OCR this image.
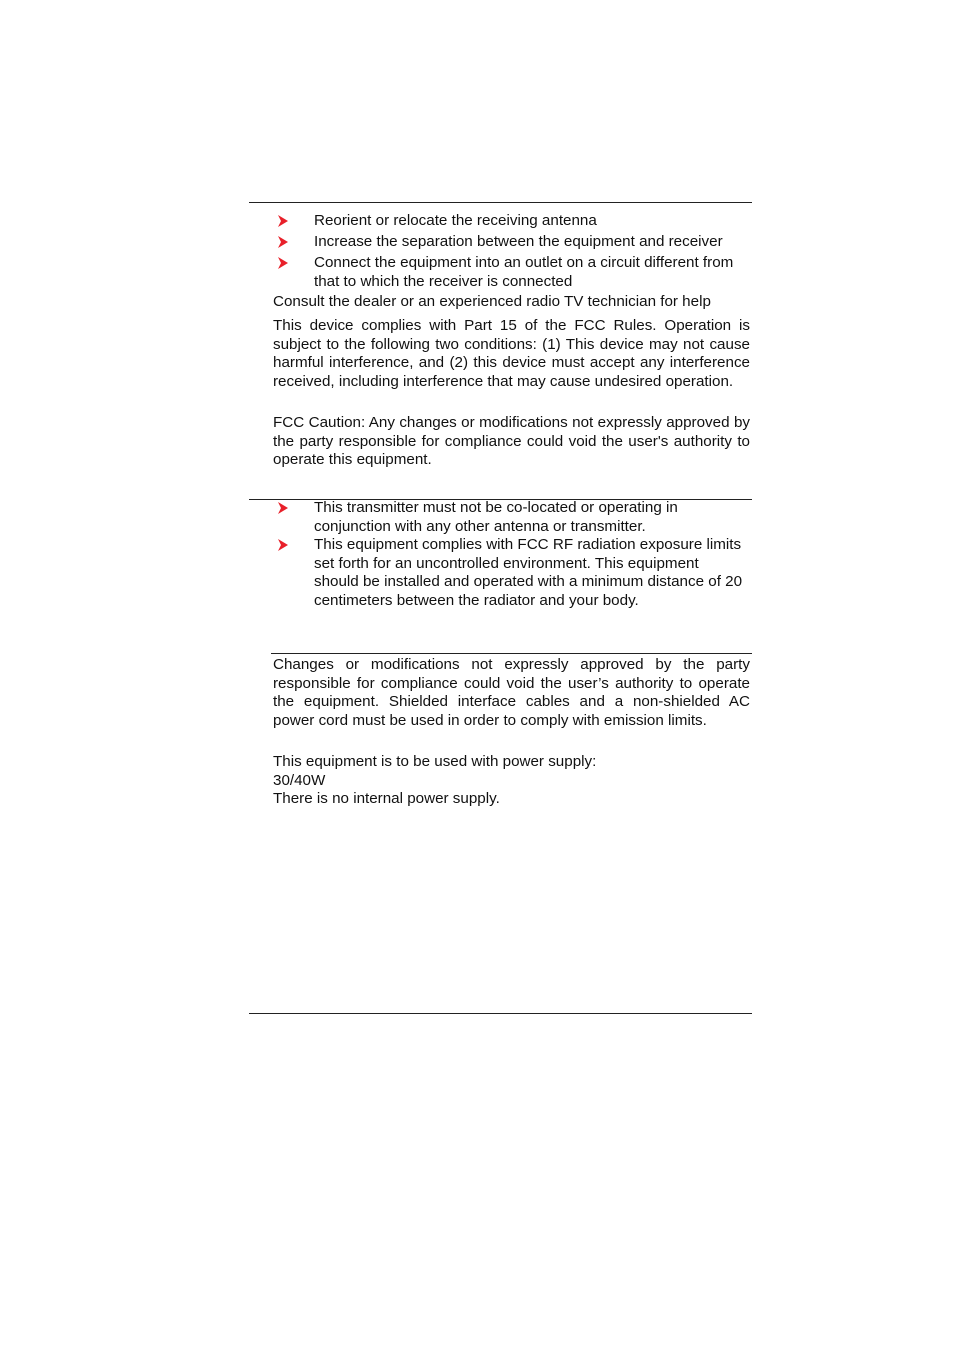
Reorient or relocate the receiving antenna
Increase the separation between the equipment and receiver
Connect the equipment into an outlet on a circuit different from that to which the receiver is connected
Consult the dealer or an experienced radio TV technician for help
This device complies with Part 15 of the FCC Rules. Operation is subject to the following two conditions: (1) This device may not cause harmful interference, and (2) this device must accept any interference received, including interference that may cause undesired operation.
FCC Caution: Any changes or modifications not expressly approved by the party responsible for compliance could void the user's authority to operate this equipment.
This transmitter must not be co-located or operating in conjunction with any other antenna or transmitter.
This equipment complies with FCC RF radiation exposure limits set forth for an uncontrolled environment. This equipment should be installed and operated with a minimum distance of 20 centimeters between the radiator and your body.
Changes or modifications not expressly approved by the party responsible for compliance could void the user’s authority to operate the equipment. Shielded interface cables and a non-shielded AC power cord must be used in order to comply with emission limits.
This equipment is to be used with power supply:
30/40W
There is no internal power supply.
